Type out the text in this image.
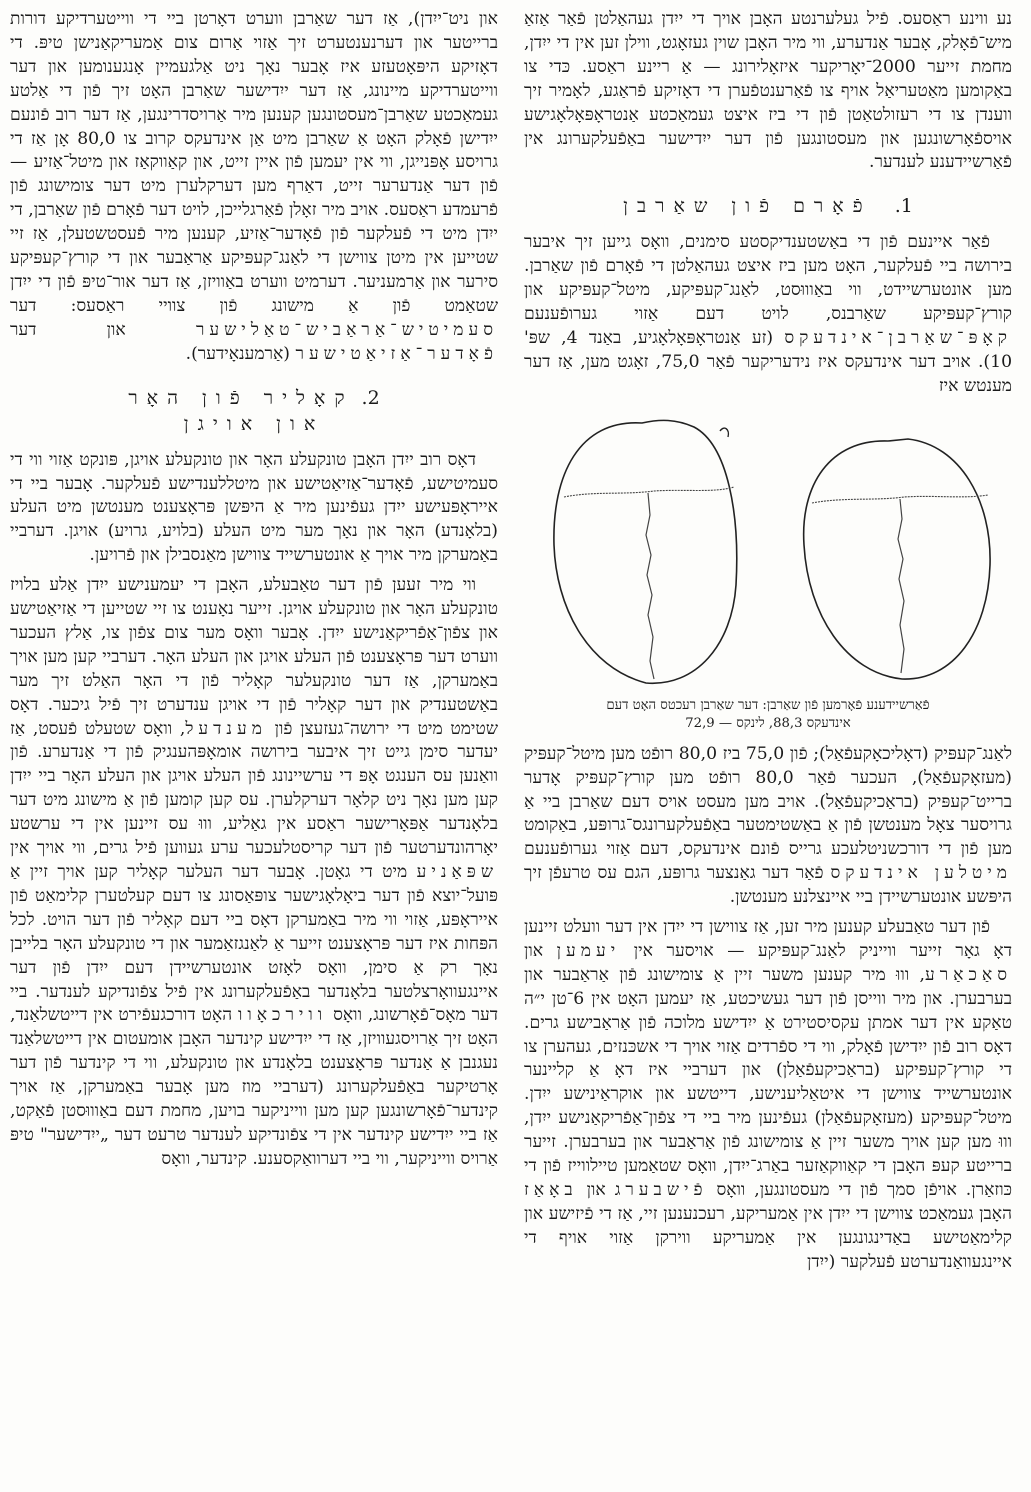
נע ווינע ראַסעס. פֿיל געלערנטע האָבן אויך די ייִדן געהאַלטן פֿאַר אַזאַ מיש־פֿאָלק, אָבער אַנדערע, ווי מיר האָבן שוין געזאָגט, ווילן זען אין די ייִדן, מחמת זייער 2000־יאָריקער איזאָלירונג — אַ ריינע ראַסע. כּדי צו באַקומען מאַטעריאַל אויף צו פֿאַרענטפֿערן די דאָזיקע פֿראַגע, לאָמיר זיך ווענדן צו די רעזולטאַטן פֿון די ביז איצט געמאַכטע אַנטראָפּאָלאָגישע אויספֿאָרשונגען און מעסטונגען פֿון דער ייִדישער באַפֿעלקערונג אין פֿאַרשיידענע לענדער.

1. פֿאָרם פֿון שאַרבן

פֿאַר איינעם פֿון די באַשטענדיקסטע סימנים, וואָס גייען זיך איבער בירושה ביי פֿעלקער, האָט מען ביז איצט געהאַלטן די פֿאָרם פֿון שאַרבן. מען אונטערשיידט, ווי באַוווּסט, לאַנג־קעפּיקע, מיטל־קעפּיקע און קורץ־קעפּיקע שאַרבנס, לויט דעם אַזוי גערופֿענעם קאָפּ־שאַרבן־אינדעקס (זע אַנטראָפּאָלאָגיע, באַנד 4, שפּ' 10). אויב דער אינדעקס איז נידעריקער פֿאַר 75,0, זאָגט מען, אַז דער מענטש איז

פֿאַרשיידענע פֿאָרמען פֿון שאַרבן: דער שאַרבן רעכטס האָט דעם
אינדעקס 88,3, לינקס — 72,9

לאַנג־קעפּיק (דאָליכאָקעפֿאַל); פֿון 75,0 ביז 80,0 רופֿט מען מיטל־קעפּיק (מעזאָקעפֿאַל), העכער פֿאַר 80,0 רופֿט מען קורץ־קעפּיק אָדער ברייט־קעפּיק (בראַכיקעפֿאַל). אויב מען מעסט אויס דעם שאַרבן ביי אַ גרויסער צאָל מענטשן פֿון אַ באַשטימטער באַפֿעלקערונגס־גרופּע, באַקומט מען פֿון די דורכשניטלעכע גרייס פֿונם אינדעקס, דעם אַזוי גערופֿענעם מיטלען אינדעקס פֿאַר דער גאַנצער גרופּע, הגם עס טרעפֿן זיך היפּשע אונטערשיידן ביי איינצלנע מענטשן.

פֿון דער טאַבעלע קענען מיר זען, אַז צווישן די ייִדן אין דער וועלט זיינען דאָ גאָר זייער ווייניק לאַנג־קעפּיקע — אויסער אין יעמען און סאַכאַרע, וווּ מיר קענען משער זיין אַ צומישונג פֿון אַראַבער און בערבערן. און מיר ווייסן פֿון דער געשיכטע, אַז יעמען האָט אין 6־טן י״ה טאַקע אין דער אמתן עקסיסטירט אַ ייִדישע מלוכה פֿון אַראַבישע גרים. דאָס רוב פֿון ייִדישן פֿאָלק, ווי די ספֿרדים אַזוי אויך די אשכּנזים, געהערן צו די קורץ־קעפּיקע (בראַכיקעפֿאַלן) און דערביי איז דאָ אַ קליינער אונטערשייד צווישן די איטאַליענישע, דייטשע און אוקראַינישע ייִדן. מיטל־קעפּיקע (מעזאָקעפֿאַלן) געפֿינען מיר ביי די צפֿון־אַפֿריקאַנישע ייִדן, וווּ מען קען אויך משער זיין אַ צומישונג פֿון אַראַבער און בערבערן. זייער ברייטע קעפּ האָבן די קאַווקאַזער באַרג־ייִדן, וואָס שטאַמען טיילווייז פֿון די כּוזאַרן. אויפֿן סמך פֿון די מעסטונגען, וואָס פֿישבערג און באָאַז האָבן געמאַכט צווישן די ייִדן אין אַמעריקע, רעכנענען זיי, אַז די פֿיזישע און קלימאַטישע באַדינגונגען אין אַמעריקע ווירקן אַזוי אויף די איינגעוואַנדערטע פֿעלקער (ייִדן

און ניט־ייִדן), אַז דער שאַרבן ווערט דאָרטן ביי די ווייטערדיקע דורות ברייטער און דערנענטערט זיך אַזוי אַרום צום אַמעריקאַנישן טיפּ. די דאָזיקע היפּאָטעזע איז אָבער נאָך ניט אַלגעמיין אָנגענומען און דער ווייטערדיקע מיינונג, אַז דער ייִדישער שאַרבן האָט זיך פֿון די אַלטע געמאַכטע שאַרבן־מעסטונגען קענען מיר אַרויסדרינגען, אַז דער רוב פֿונעם ייִדישן פֿאָלק האָט אַ שאַרבן מיט אַן אינדעקס קרוב צו 80,0 אָן אַז די גרויסע אָפּנייגן, ווי אין יעמען פֿון איין זייט, און קאַווקאַז און מיטל־אַזיע — פֿון דער אַנדערער זייט, דאַרף מען דערקלערן מיט דער צומישונג פֿון פֿרעמדע ראַסעס. אויב מיר זאָלן פֿאַרגלייכן, לויט דער פֿאָרם פֿון שאַרבן, די ייִדן מיט די פֿעלקער פֿון פֿאָדער־אַזיע, קענען מיר פֿעסטשטעלן, אַז זיי שטייען אין מיטן צווישן די לאַנג־קעפּיקע אַראַבער און די קורץ־קעפּיקע סירער און אַרמעניער. דערמיט ווערט באַוויזן, אַז דער אור־טיפּ פֿון די ייִדן שטאַמט פֿון אַ מישונג פֿון צוויי ראַסעס: דער סעמיטיש־אַראַביש־טאַלישער און דער פֿאָדער־אַזיאַטישער (אַרמענאָידער).

2.קאָליר פֿון האָר
און אויגן

דאָס רוב ייִדן האָבן טונקעלע האָר און טונקעלע אויגן, פּונקט אַזוי ווי די סעמיטישע, פֿאָדער־אַזיאַטישע און מיטללענדישע פֿעלקער. אָבער ביי די אייראָפּעישע ייִדן געפֿינען מיר אַ היפּשן פּראָצענט מענטשן מיט העלע (בלאָנדע) האָר און נאָך מער מיט העלע (בלויע, גרויע) אויגן. דערביי באַמערקן מיר אויך אַ אונטערשייד צווישן מאַנסבילן און פֿרויען.

ווי מיר זעען פֿון דער טאַבעלע, האָבן די יעמענישע ייִדן אַלע בלויז טונקעלע האָר און טונקעלע אויגן. זייער נאָענט צו זיי שטייען די אַזיאַטישע און צפֿון־אַפֿריקאַנישע ייִדן. אָבער וואָס מער צום צפֿון צו, אַלץ העכער ווערט דער פּראָצענט פֿון העלע אויגן און העלע האָר. דערביי קען מען אויך באַמערקן, אַז דער טונקעלער קאָליר פֿון די האָר האַלט זיך מער באַשטענדיק און דער קאָליר פֿון די אויגן ענדערט זיך פֿיל גיכער. דאָס שטימט מיט די ירושה־געזעצן פֿון מענדעל, וואָס שטעלט פֿעסט, אַז יעדער סימן גייט זיך איבער בירושה אומאָפּהענגיק פֿון די אַנדערע. פֿון וואַנען עס הענגט אָפּ די ערשיינונג פֿון העלע אויגן און העלע האָר ביי ייִדן קען מען נאָך ניט קלאָר דערקלערן. עס קען קומען פֿון אַ מישונג מיט דער בלאָנדער אַפּאָרישער ראַסע אין גאַליע, וווּ עס זיינען אין די ערשטע יאָרהונדערטער פֿון דער קריסטלעכער ערע געווען פֿיל גרים, ווי אויך אין שפּאַניע מיט די גאָטן. אָבער דער העלער קאָליר קען אויך זיין אַ פּועל־יוצא פֿון דער ביאָלאָגישער צופּאַסונג צו דעם קעלטערן קלימאַט פֿון אייראָפּע, אַזוי ווי מיר באַמערקן דאָס ביי דעם קאָליר פֿון דער הויט. לכל הפּחות איז דער פּראָצענט זייער אַ לאַנגזאַמער און די טונקעלע האָר בלייבן נאָך רק אַ סימן, וואָס לאָזט אונטערשיידן דעם ייִדן פֿון דער איינגעוואָרצלטער בלאָנדער באַפֿעלקערונג אין פֿיל צפֿונדיקע לענדער. ביי דער מאָס־פֿאָרשונג, וואָס ווירכאָוו האָט דורכגעפֿירט אין דייטשלאַנד, האָט זיך אַרויסגעוויזן, אַז די ייִדישע קינדער האָבן אומעטום אין דייטשלאַנד נעגנבן אַ אַנדער פּראָצענט בלאָנדע און טונקעלע, ווי די קינדער פֿון דער אָרטיקער באַפֿעלקערונג (דערביי מוז מען אָבער באַמערקן, אַז אויך קינדער־פֿאָרשונגען קען מען ווייניקער בויען, מחמת דעם באַוווּסטן פֿאַקט, אַז ביי ייִדישע קינדער אין די צפֿונדיקע לענדער טרעט דער „ייִדישער" טיפּ אַרויס ווייניקער, ווי ביי דערוואַקסענע. קינדער, וואָס
